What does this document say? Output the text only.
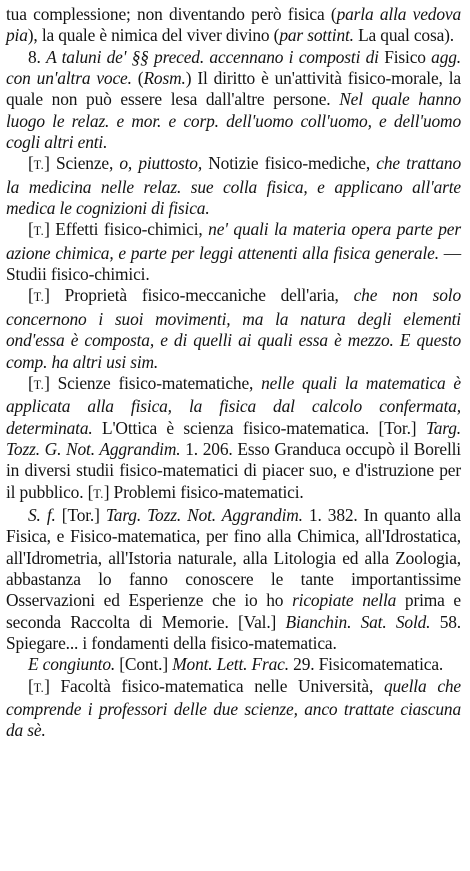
tua complessione; non diventando però fisica (parla alla vedova pia), la quale è nimica del viver divino (par sottint. La qual cosa).

8. A taluni de' §§ preced. accennano i composti di Fisico agg. con un'altra voce. (Rosm.) Il diritto è un'attività fisico-morale, la quale non può essere lesa dall'altre persone. Nel quale hanno luogo le relaz. e mor. e corp. dell'uomo coll'uomo, e dell'uomo cogli altri enti.

[T.] Scienze, o, piuttosto, Notizie fisico-mediche, che trattano la medicina nelle relaz. sue colla fisica, e applicano all'arte medica le cognizioni di fisica.

[T.] Effetti fisico-chimici, ne' quali la materia opera parte per azione chimica, e parte per leggi attenenti alla fisica generale. — Studii fisico-chimici.

[T.] Proprietà fisico-meccaniche dell'aria, che non solo concernono i suoi movimenti, ma la natura degli elementi ond'essa è composta, e di quelli ai quali essa è mezzo. E questo comp. ha altri usi sim.

[T.] Scienze fisico-matematiche, nelle quali la matematica è applicata alla fisica, la fisica dal calcolo confermata, determinata. L'Ottica è scienza fisico-matematica. [Tor.] Targ. Tozz. G. Not. Aggrandim. 1. 206. Esso Granduca occupò il Borelli in diversi studii fisico-matematici di piacer suo, e d'istruzione per il pubblico. [T.] Problemi fisico-matematici.

S. f. [Tor.] Targ. Tozz. Not. Aggrandim. 1. 382. In quanto alla Fisica, e Fisico-matematica, per fino alla Chimica, all'Idrostatica, all'Idrometria, all'Istoria naturale, alla Litologia ed alla Zoologia, abbastanza lo fanno conoscere le tante importantissime Osservazioni ed Esperienze che io ho ricopiate nella prima e seconda Raccolta di Memorie. [Val.] Bianchin. Sat. Sold. 58. Spiegare... i fondamenti della fisico-matematica.

E congiunto. [Cont.] Mont. Lett. Frac. 29. Fisicomatematica.

[T.] Facoltà fisico-matematica nelle Università, quella che comprende i professori delle due scienze, anco trattate ciascuna da sè.
